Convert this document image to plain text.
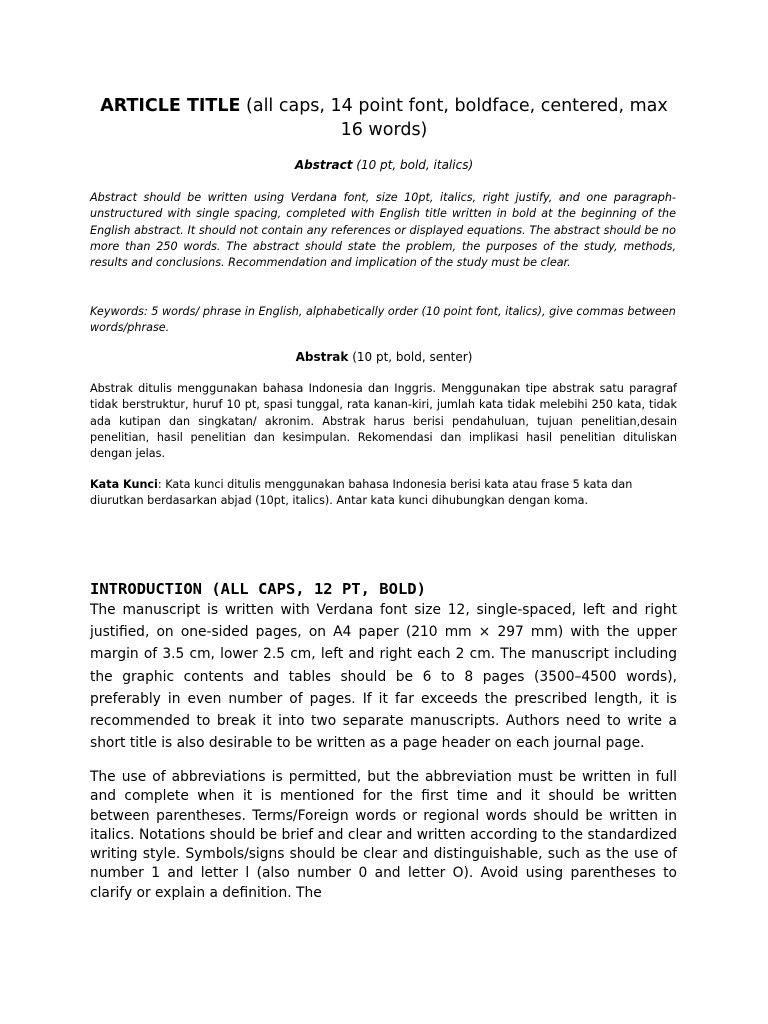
ARTICLE TITLE (all caps, 14 point font, boldface, centered, max 16 words)
Abstract (10 pt, bold, italics)
Abstract should be written using Verdana font, size 10pt, italics, right justify, and one paragraph-unstructured with single spacing, completed with English title written in bold at the beginning of the English abstract. It should not contain any references or displayed equations. The abstract should be no more than 250 words. The abstract should state the problem, the purposes of the study, methods, results and conclusions. Recommendation and implication of the study must be clear.
Keywords: 5 words/ phrase in English, alphabetically order (10 point font, italics), give commas between words/phrase.
Abstrak (10 pt, bold, senter)
Abstrak ditulis menggunakan bahasa Indonesia dan Inggris. Menggunakan tipe abstrak satu paragraf tidak berstruktur, huruf 10 pt, spasi tunggal, rata kanan-kiri, jumlah kata tidak melebihi 250 kata, tidak ada kutipan dan singkatan/ akronim. Abstrak harus berisi pendahuluan, tujuan penelitian,desain penelitian, hasil penelitian dan kesimpulan. Rekomendasi dan implikasi hasil penelitian dituliskan dengan jelas.
Kata Kunci: Kata kunci ditulis menggunakan bahasa Indonesia berisi kata atau frase 5 kata dan diurutkan berdasarkan abjad (10pt, italics). Antar kata kunci dihubungkan dengan koma.
INTRODUCTION (ALL CAPS, 12 PT, BOLD)
The manuscript is written with Verdana font size 12, single-spaced, left and right justified, on one-sided pages, on A4 paper (210 mm × 297 mm) with the upper margin of 3.5 cm, lower 2.5 cm, left and right each 2 cm. The manuscript including the graphic contents and tables should be 6 to 8 pages (3500–4500 words), preferably in even number of pages. If it far exceeds the prescribed length, it is recommended to break it into two separate manuscripts. Authors need to write a short title is also desirable to be written as a page header on each journal page.
The use of abbreviations is permitted, but the abbreviation must be written in full and complete when it is mentioned for the first time and it should be written between parentheses. Terms/Foreign words or regional words should be written in italics. Notations should be brief and clear and written according to the standardized writing style. Symbols/signs should be clear and distinguishable, such as the use of number 1 and letter l (also number 0 and letter O). Avoid using parentheses to clarify or explain a definition. The
